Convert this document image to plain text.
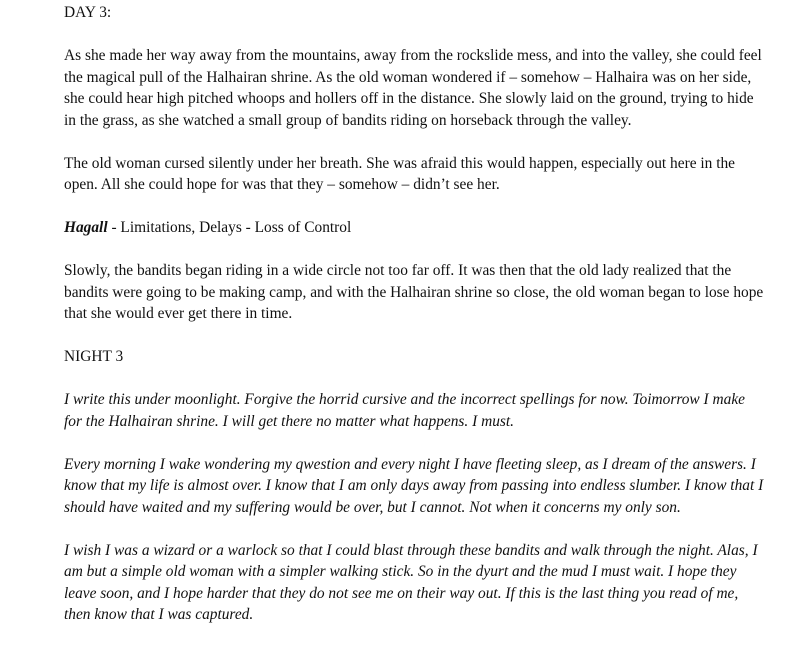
DAY 3:

As she made her way away from the mountains, away from the rockslide mess, and into the valley, she could feel the magical pull of the Halhairan shrine. As the old woman wondered if – somehow – Halhaira was on her side, she could hear high pitched whoops and hollers off in the distance. She slowly laid on the ground, trying to hide in the grass, as she watched a small group of bandits riding on horseback through the valley.

The old woman cursed silently under her breath. She was afraid this would happen, especially out here in the open. All she could hope for was that they – somehow – didn’t see her.

Hagall - Limitations, Delays - Loss of Control

Slowly, the bandits began riding in a wide circle not too far off. It was then that the old lady realized that the bandits were going to be making camp, and with the Halhairan shrine so close, the old woman began to lose hope that she would ever get there in time.

NIGHT 3

I write this under moonlight. Forgive the horrid cursive and the incorrect spellings for now. Toimorrow I make for the Halhairan shrine. I will get there no matter what happens. I must.

Every morning I wake wondering my qwestion and every night I have fleeting sleep, as I dream of the answers. I know that my life is almost over. I know that I am only days away from passing into endless slumber. I know that I should have waited and my suffering would be over, but I cannot. Not when it concerns my only son.

I wish I was a wizard or a warlock so that I could blast through these bandits and walk through the night. Alas, I am but a simple old woman with a simpler walking stick. So in the dyurt and the mud I must wait. I hope they leave soon, and I hope harder that they do not see me on their way out. If this is the last thing you read of me, then know that I was captured.
